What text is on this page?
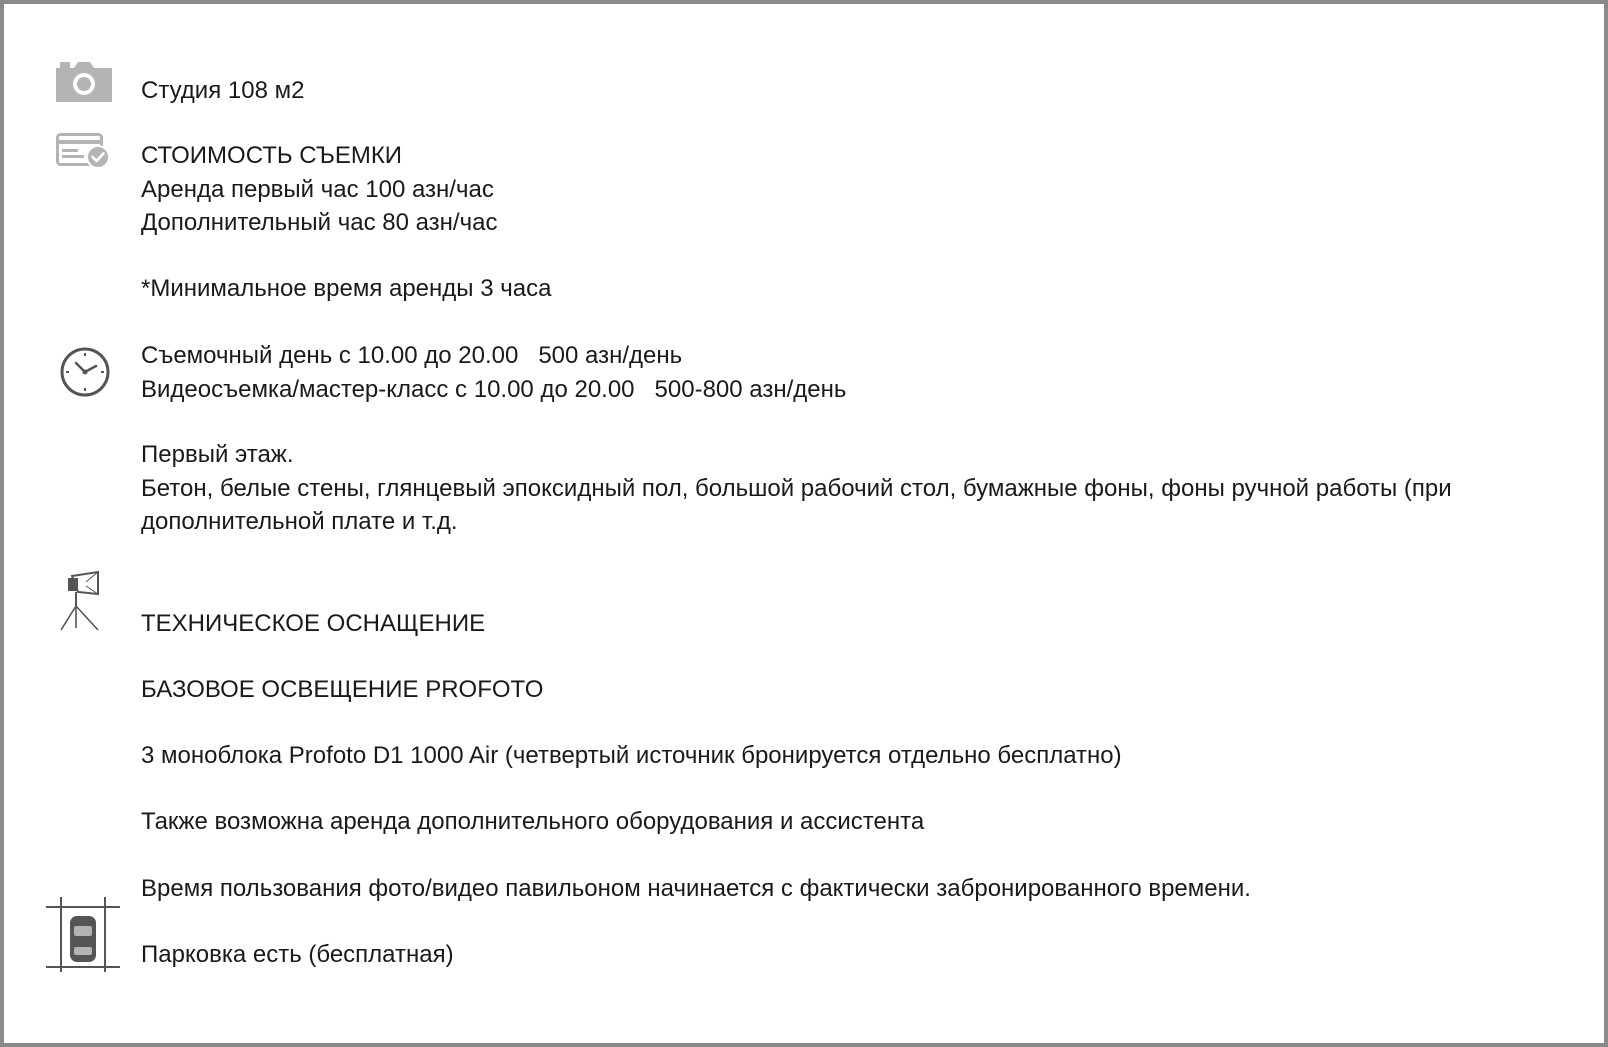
Студия 108 м2
СТОИМОСТЬ СЪЕМКИ
Аренда первый час 100 азн/час
Дополнительный час 80 азн/час
*Минимальное время аренды 3 часа
Съемочный день с 10.00 до 20.00   500 азн/день
Видеосъемка/мастер-класс с 10.00 до 20.00   500-800 азн/день
Первый этаж.
Бетон, белые стены, глянцевый эпоксидный пол, большой рабочий стол, бумажные фоны, фоны ручной работы (при дополнительной плате и т.д.
ТЕХНИЧЕСКОЕ ОСНАЩЕНИЕ
БАЗОВОЕ ОСВЕЩЕНИЕ PROFOTO
3 моноблока Profoto D1 1000 Air (четвертый источник бронируется отдельно бесплатно)
Также возможна аренда дополнительного оборудования и ассистента
Время пользования фото/видео павильоном начинается с фактически забронированного времени.
Парковка есть (бесплатная)
